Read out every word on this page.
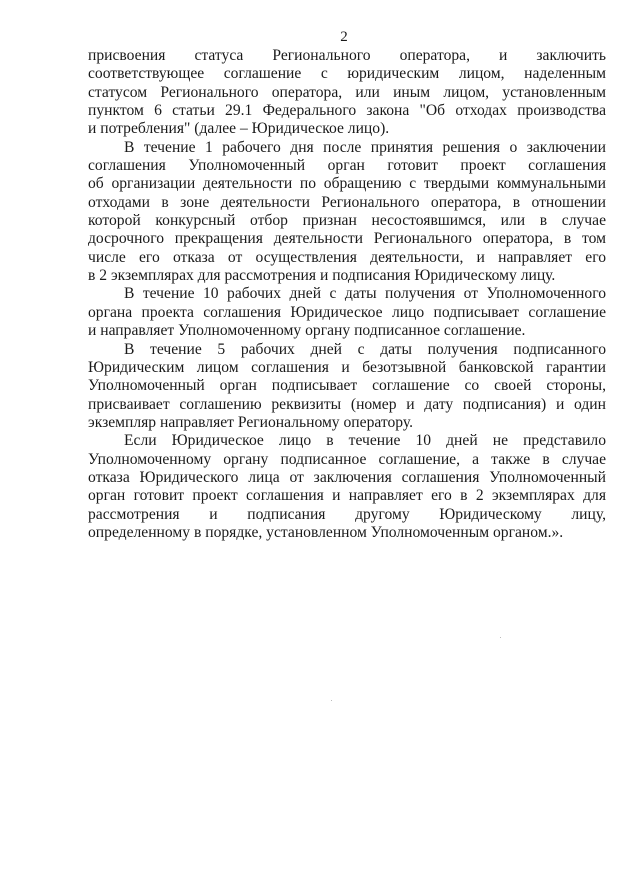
2
присвоения статуса Регионального оператора, и заключить
соответствующее соглашение с юридическим лицом, наделенным
статусом Регионального оператора, или иным лицом, установленным
пунктом 6 статьи 29.1 Федерального закона "Об отходах производства
и потребления" (далее – Юридическое лицо).
В течение 1 рабочего дня после принятия решения о заключении
соглашения Уполномоченный орган готовит проект соглашения
об организации деятельности по обращению с твердыми коммунальными
отходами в зоне деятельности Регионального оператора, в отношении
которой конкурсный отбор признан несостоявшимся, или в случае
досрочного прекращения деятельности Регионального оператора, в том
числе его отказа от осуществления деятельности, и направляет его
в 2 экземплярах для рассмотрения и подписания Юридическому лицу.
В течение 10 рабочих дней с даты получения от Уполномоченного
органа проекта соглашения Юридическое лицо подписывает соглашение
и направляет Уполномоченному органу подписанное соглашение.
В течение 5 рабочих дней с даты получения подписанного
Юридическим лицом соглашения и безотзывной банковской гарантии
Уполномоченный орган подписывает соглашение со своей стороны,
присваивает соглашению реквизиты (номер и дату подписания) и один
экземпляр направляет Региональному оператору.
Если Юридическое лицо в течение 10 дней не представило
Уполномоченному органу подписанное соглашение, а также в случае
отказа Юридического лица от заключения соглашения Уполномоченный
орган готовит проект соглашения и направляет его в 2 экземплярах для
рассмотрения и подписания другому Юридическому лицу,
определенному в порядке, установленном Уполномоченным органом.».
